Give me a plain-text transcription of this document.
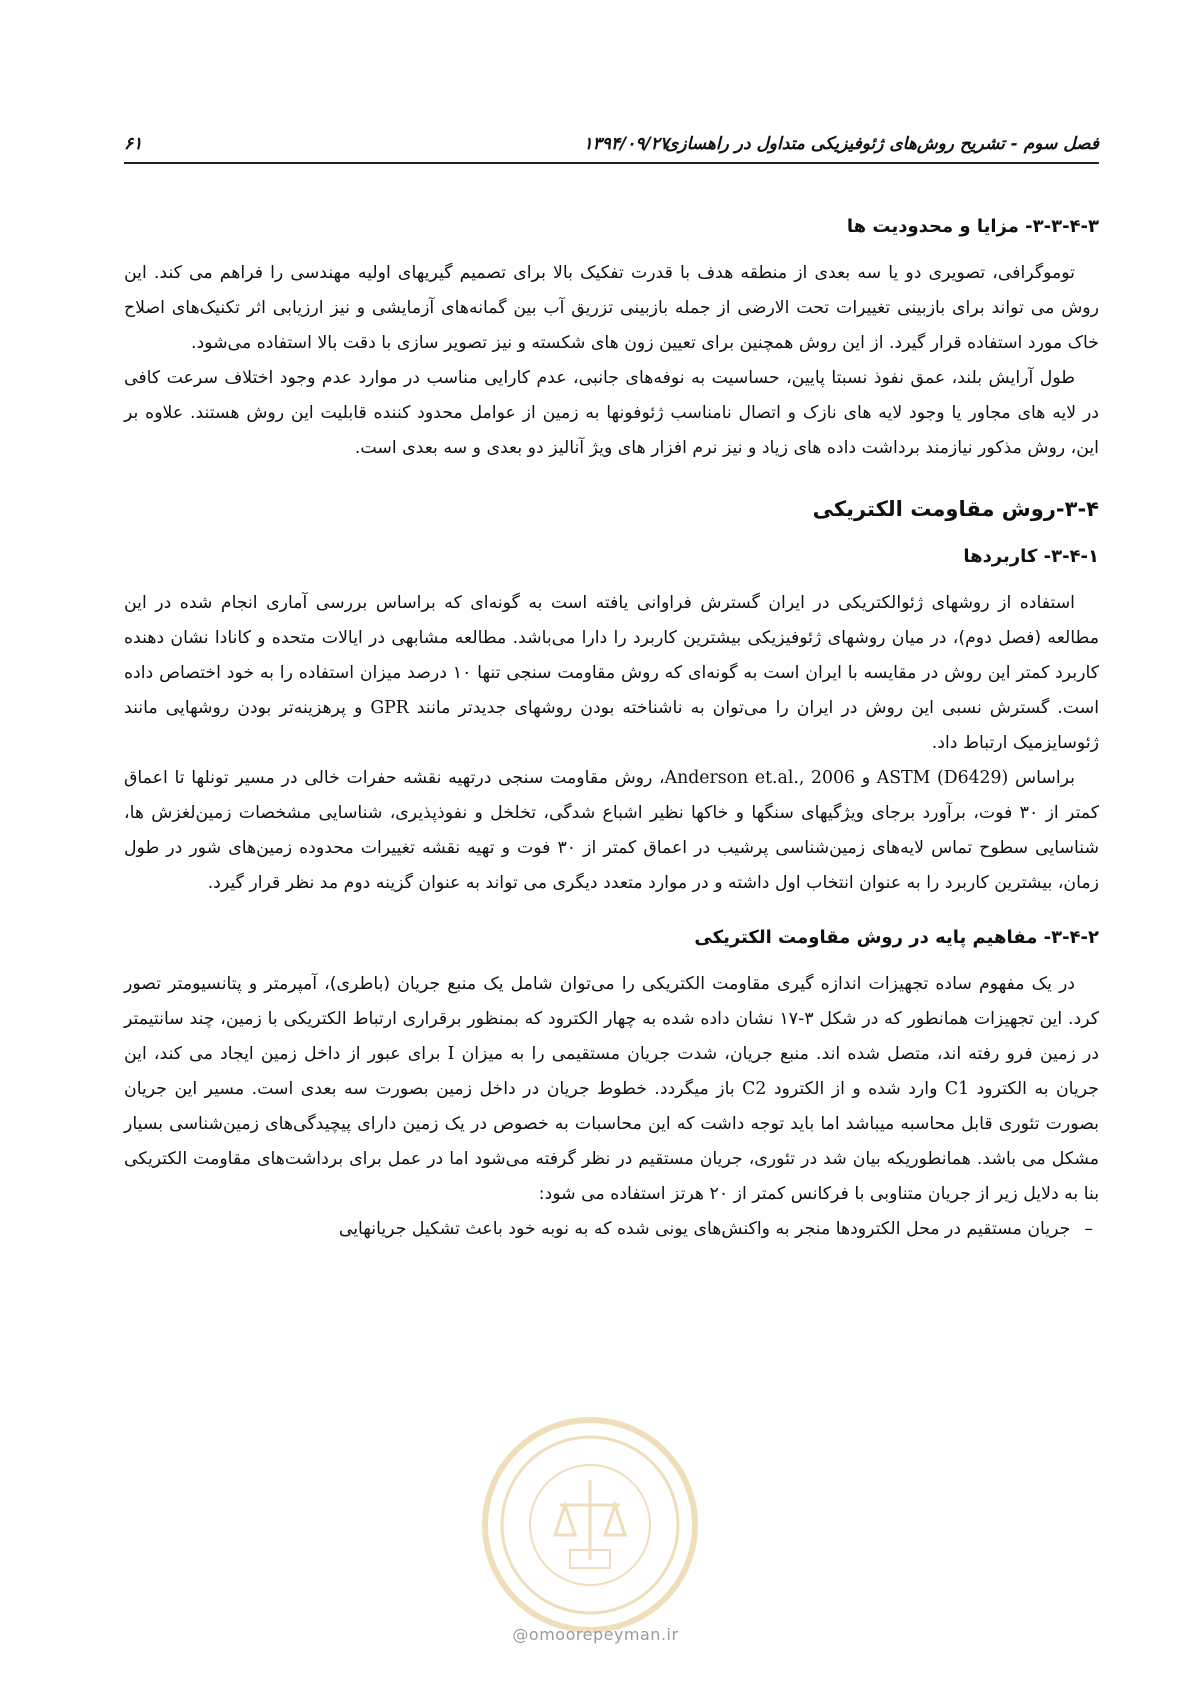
فصل سوم - تشریح روش‌های ژئوفیزیکی متداول در راهسازی
۱۳۹۴/۰۹/۲۷
۶۱
۳-۳-۴-۳- مزایا و محدودیت ها

توموگرافی، تصویری دو یا سه بعدی از منطقه هدف با قدرت تفکیک بالا برای تصمیم گیریهای اولیه مهندسی را فراهم می کند. این روش می تواند برای بازبینی تغییرات تحت الارضی از جمله بازبینی تزریق آب بین گمانه‌های آزمایشی و نیز ارزیابی اثر تکنیک‌های اصلاح خاک مورد استفاده قرار گیرد. از این روش همچنین برای تعیین زون های شکسته و نیز تصویر سازی با دقت بالا استفاده می‌شود.

طول آرایش بلند، عمق نفوذ نسبتا پایین، حساسیت به نوفه‌های جانبی، عدم کارایی مناسب در موارد عدم وجود اختلاف سرعت کافی در لایه های مجاور یا وجود لایه های نازک و اتصال نامناسب ژئوفونها به زمین از عوامل محدود کننده قابلیت این روش هستند. علاوه بر این، روش مذکور نیازمند برداشت داده های زیاد و نیز نرم افزار های ویژ آنالیز دو بعدی و سه بعدی است.

۳-۴-روش مقاومت الکتریکی
۳-۴-۱- کاربردها

استفاده از روشهای ژئوالکتریکی در ایران گسترش فراوانی یافته است به گونه‌ای که براساس بررسی آماری انجام شده در این مطالعه (فصل دوم)، در میان روشهای ژئوفیزیکی بیشترین کاربرد را دارا می‌باشد. مطالعه مشابهی در ایالات متحده و کانادا نشان دهنده کاربرد کمتر این روش در مقایسه با ایران است به گونه‌ای که روش مقاومت سنجی تنها ۱۰ درصد میزان استفاده را به خود اختصاص داده است. گسترش نسبی این روش در ایران را می‌توان به ناشناخته بودن روشهای جدیدتر مانند GPR و پرهزینه‌تر بودن روشهایی مانند ژئوسایزمیک ارتباط داد.

براساس ASTM (D6429) و Anderson et.al., 2006، روش مقاومت سنجی درتهیه نقشه حفرات خالی در مسیر تونلها تا اعماق کمتر از ۳۰ فوت، برآورد برجای ویژگیهای سنگها و خاکها نظیر اشباع شدگی، تخلخل و نفوذپذیری، شناسایی مشخصات زمین‌لغزش ها، شناسایی سطوح تماس لایه‌های زمین‌شناسی پرشیب در اعماق کمتر از ۳۰ فوت و تهیه نقشه تغییرات محدوده زمین‌های شور در طول زمان، بیشترین کاربرد را به عنوان انتخاب اول داشته و در موارد متعدد دیگری می تواند به عنوان گزینه دوم مد نظر قرار گیرد.

۳-۴-۲- مفاهیم پایه در روش مقاومت الکتریکی

در یک مفهوم ساده تجهیزات اندازه گیری مقاومت الکتریکی را می‌توان شامل یک منبع جریان (باطری)، آمپرمتر و پتانسیومتر تصور کرد. این تجهیزات همانطور که در شکل ۳-۱۷ نشان داده شده به چهار الکترود که بمنظور برقراری ارتباط الکتریکی با زمین، چند سانتیمتر در زمین فرو رفته اند، متصل شده اند. منبع جریان، شدت جریان مستقیمی را به میزان I برای عبور از داخل زمین ایجاد می کند، این جریان به الکترود C1 وارد شده و از الکترود C2 باز میگردد. خطوط جریان در داخل زمین بصورت سه بعدی است. مسیر این جریان بصورت تئوری قابل محاسبه میباشد اما باید توجه داشت که این محاسبات به خصوص در یک زمین دارای پیچیدگی‌های زمین‌شناسی بسیار مشکل می باشد. همانطوریکه بیان شد در تئوری، جریان مستقیم در نظر گرفته می‌شود اما در عمل برای برداشت‌های مقاومت الکتریکی بنا به دلایل زیر از جریان متناوبی با فرکانس کمتر از ۲۰ هرتز استفاده می شود:

–
جریان مستقیم در محل الکترودها منجر به واکنش‌های یونی شده که به نوبه خود باعث تشکیل جریانهایی
@omoorepeyman.ir
